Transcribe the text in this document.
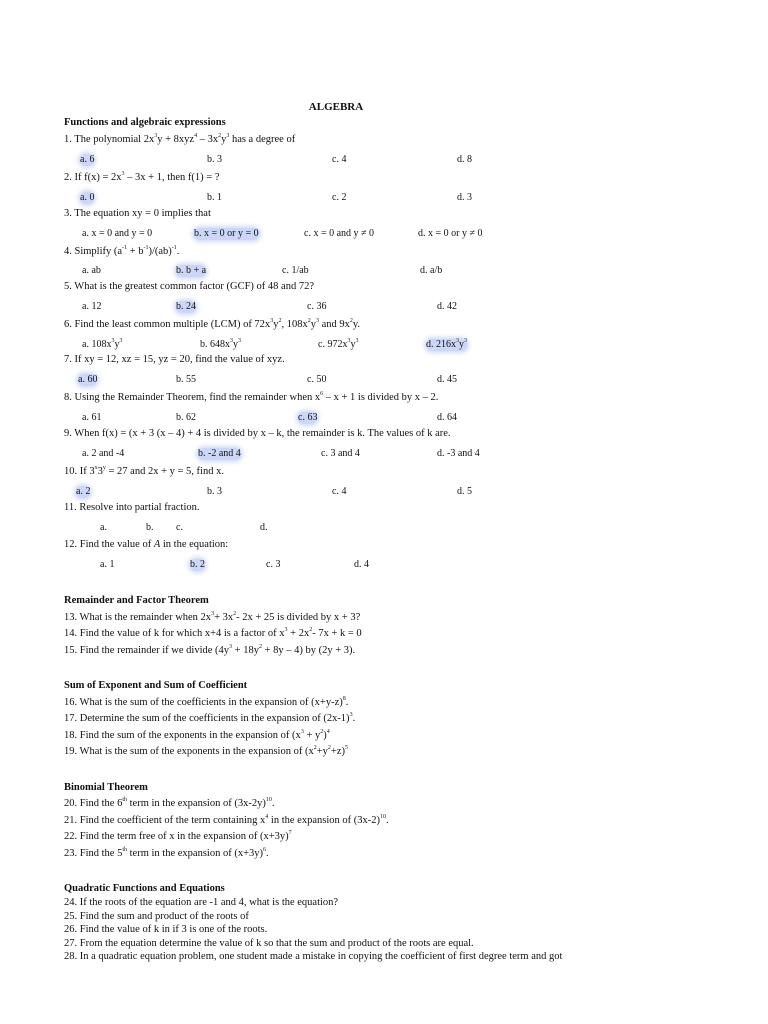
ALGEBRA
Functions and algebraic expressions
1. The polynomial $2x^3y + 8xyz^4 - 3x^2y^3$ has a degree of
a. 6	b. 3	c. 4	d. 8
2. If $f(x) = 2x^3 - 3x + 1$, then f(1) = ?
a. 0	b. 1	c. 2	d. 3
3. The equation xy = 0 implies that
a. x = 0 and y = 0	b. x = 0 or y = 0	c. x = 0 and y ≠ 0	d. x = 0 or y ≠ 0
4. Simplify $(a^{-1} + b^{-1})/(ab)^{-1}$.
a. ab	b. b + a	c. 1/ab	d. a/b
5. What is the greatest common factor (GCF) of 48 and 72?
a. 12	b. 24	c. 36	d. 42
6. Find the least common multiple (LCM) of $72x^3y^2$, $108x^2y^3$ and $9x^2y$.
a. $108x^3y^3$	b. $648x^3y^3$	c. $972x^3y^3$	d. $216x^3y^3$
7. If xy = 12, xz = 15, yz = 20, find the value of xyz.
a. 60	b. 55	c. 50	d. 45
8. Using the Remainder Theorem, find the remainder when $x^6 - x + 1$ is divided by x – 2.
a. 61	b. 62	c. 63	d. 64
9. When f(x) = (x + 3 (x – 4) + 4 is divided by x – k, the remainder is k. The values of k are.
a. 2 and -4	b. -2 and 4	c. 3 and 4	d. -3 and 4
10. If $3^x3^y = 27$ and 2x + y = 5, find x.
a. 2	b. 3	c. 4	d. 5
11. Resolve into partial fraction.
a.	b. c.	d.
12. Find the value of A in the equation:
a. 1	b. 2	c. 3	d. 4
Remainder and Factor Theorem
13. What is the remainder when $2x^3+ 3x^2-$ 2x + 25 is divided by x + 3?
14. Find the value of k for which x+4 is a factor of $x^3 + 2x^2-$ 7x + k = 0
15. Find the remainder if we divide $(4y^3 + 18y^2 + 8y - 4)$ by (2y + 3).
Sum of Exponent and Sum of Coefficient
16. What is the sum of the coefficients in the expansion of $(x+y-z)^8$.
17. Determine the sum of the coefficients in the expansion of $(2x-1)^3$.
18. Find the sum of the exponents in the expansion of $(x^3 + y^2)^4$
19. What is the sum of the exponents in the expansion of $(x^2+y^2+z)^5$
Binomial Theorem
20. Find the 6th term in the expansion of $(3x-2y)^{10}$.
21. Find the coefficient of the term containing $x^4$ in the expansion of $(3x-2)^{10}$.
22. Find the term free of x in the expansion of $(x+3y)^7$
23. Find the 5th term in the expansion of $(x+3y)^6$.
Quadratic Functions and Equations
24. If the roots of the equation are -1 and 4, what is the equation?
25. Find the sum and product of the roots of
26. Find the value of k in if 3 is one of the roots.
27. From the equation determine the value of k so that the sum and product of the roots are equal.
28. In a quadratic equation problem, one student made a mistake in copying the coefficient of first degree term and got
